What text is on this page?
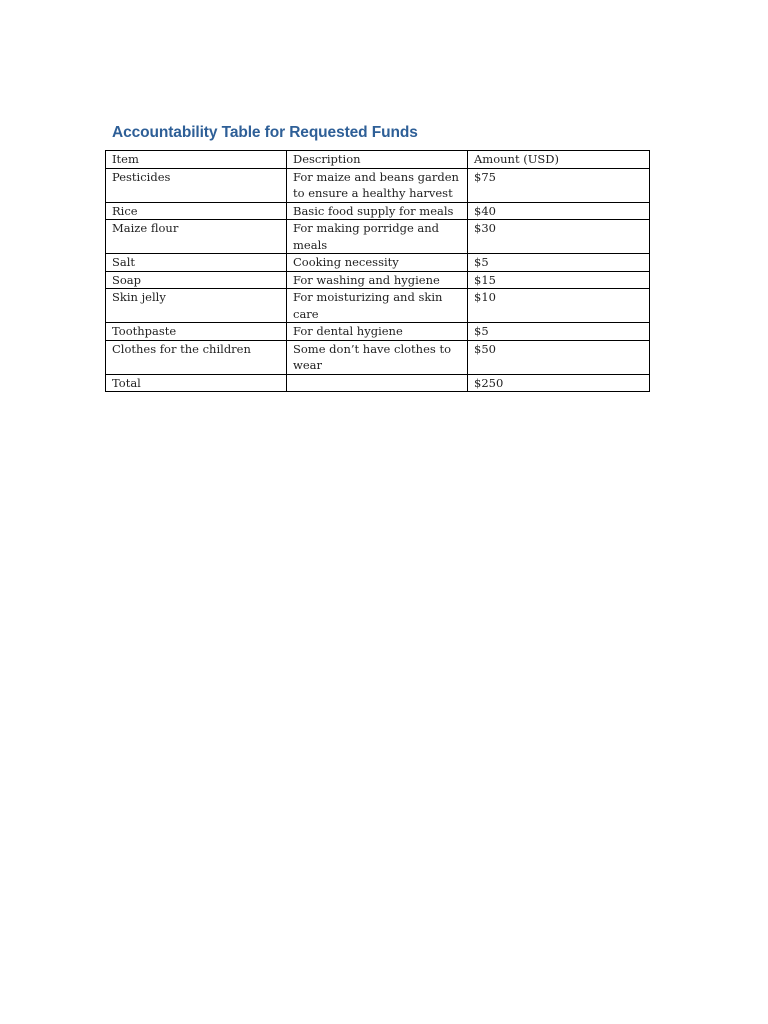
Accountability Table for Requested Funds
Item	Description	Amount (USD)
Pesticides	For maize and beans garden to ensure a healthy harvest	$75
Rice	Basic food supply for meals	$40
Maize flour	For making porridge and meals	$30
Salt	Cooking necessity	$5
Soap	For washing and hygiene	$15
Skin jelly	For moisturizing and skin care	$10
Toothpaste	For dental hygiene	$5
Clothes for the children	Some don’t have clothes to wear	$50
Total		$250
